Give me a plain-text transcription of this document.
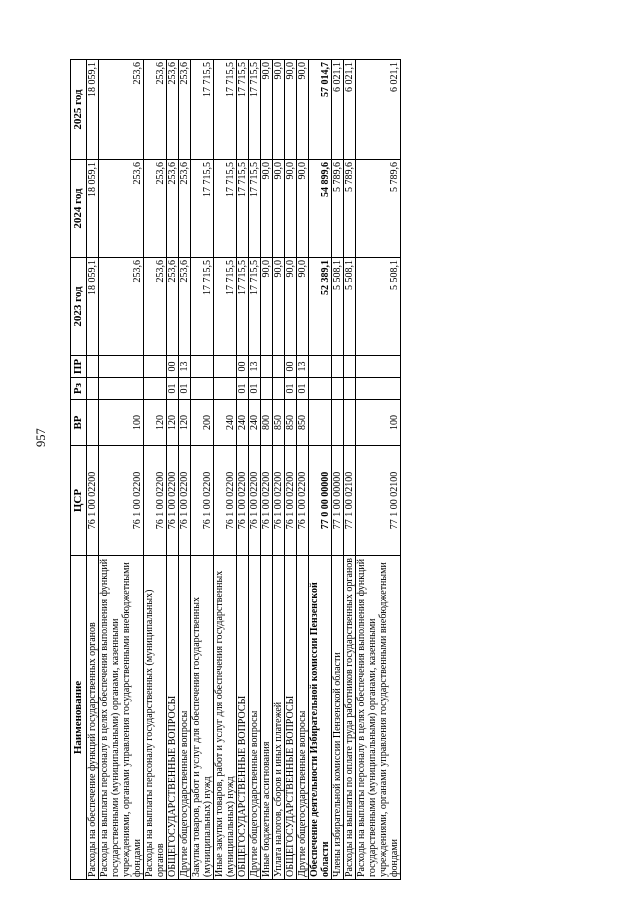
957
Наименование	ЦСР	ВР	Рз	ПР	2023 год	2024 год	2025 год
Расходы на обеспечение функций государственных органов	76 1 00 02200				18 059,1	18 059,1	18 059,1
Расходы на выплаты персоналу в целях обеспечения выполнения функций государственными (муниципальными) органами, казенными учреждениями, органами управления государственными внебюджетными фондами	76 1 00 02200	100			253,6	253,6	253,6
Расходы на выплаты персоналу государственных (муниципальных) органов	76 1 00 02200	120			253,6	253,6	253,6
ОБЩЕГОСУДАРСТВЕННЫЕ ВОПРОСЫ	76 1 00 02200	120	01	00	253,6	253,6	253,6
Другие общегосударственные вопросы	76 1 00 02200	120	01	13	253,6	253,6	253,6
Закупка товаров, работ и услуг для обеспечения государственных (муниципальных) нужд	76 1 00 02200	200			17 715,5	17 715,5	17 715,5
Иные закупки товаров, работ и услуг для обеспечения государственных (муниципальных) нужд	76 1 00 02200	240			17 715,5	17 715,5	17 715,5
ОБЩЕГОСУДАРСТВЕННЫЕ ВОПРОСЫ	76 1 00 02200	240	01	00	17 715,5	17 715,5	17 715,5
Другие общегосударственные вопросы	76 1 00 02200	240	01	13	17 715,5	17 715,5	17 715,5
Иные бюджетные ассигнования	76 1 00 02200	800			90,0	90,0	90,0
Уплата налогов, сборов и иных платежей	76 1 00 02200	850			90,0	90,0	90,0
ОБЩЕГОСУДАРСТВЕННЫЕ ВОПРОСЫ	76 1 00 02200	850	01	00	90,0	90,0	90,0
Другие общегосударственные вопросы	76 1 00 02200	850	01	13	90,0	90,0	90,0
Обеспечение деятельности Избирательной комиссии Пензенской области	77 0 00 00000				52 389,1	54 899,6	57 014,7
Члены избирательной комиссии Пензенской области	77 1 00 00000				5 508,1	5 789,6	6 021,1
Расходы на выплаты по оплате труда работников государственных органов	77 1 00 02100				5 508,1	5 789,6	6 021,1
Расходы на выплаты персоналу в целях обеспечения выполнения функций государственными (муниципальными) органами, казенными учреждениями, органами управления государственными внебюджетными фондами	77 1 00 02100	100			5 508,1	5 789,6	6 021,1
